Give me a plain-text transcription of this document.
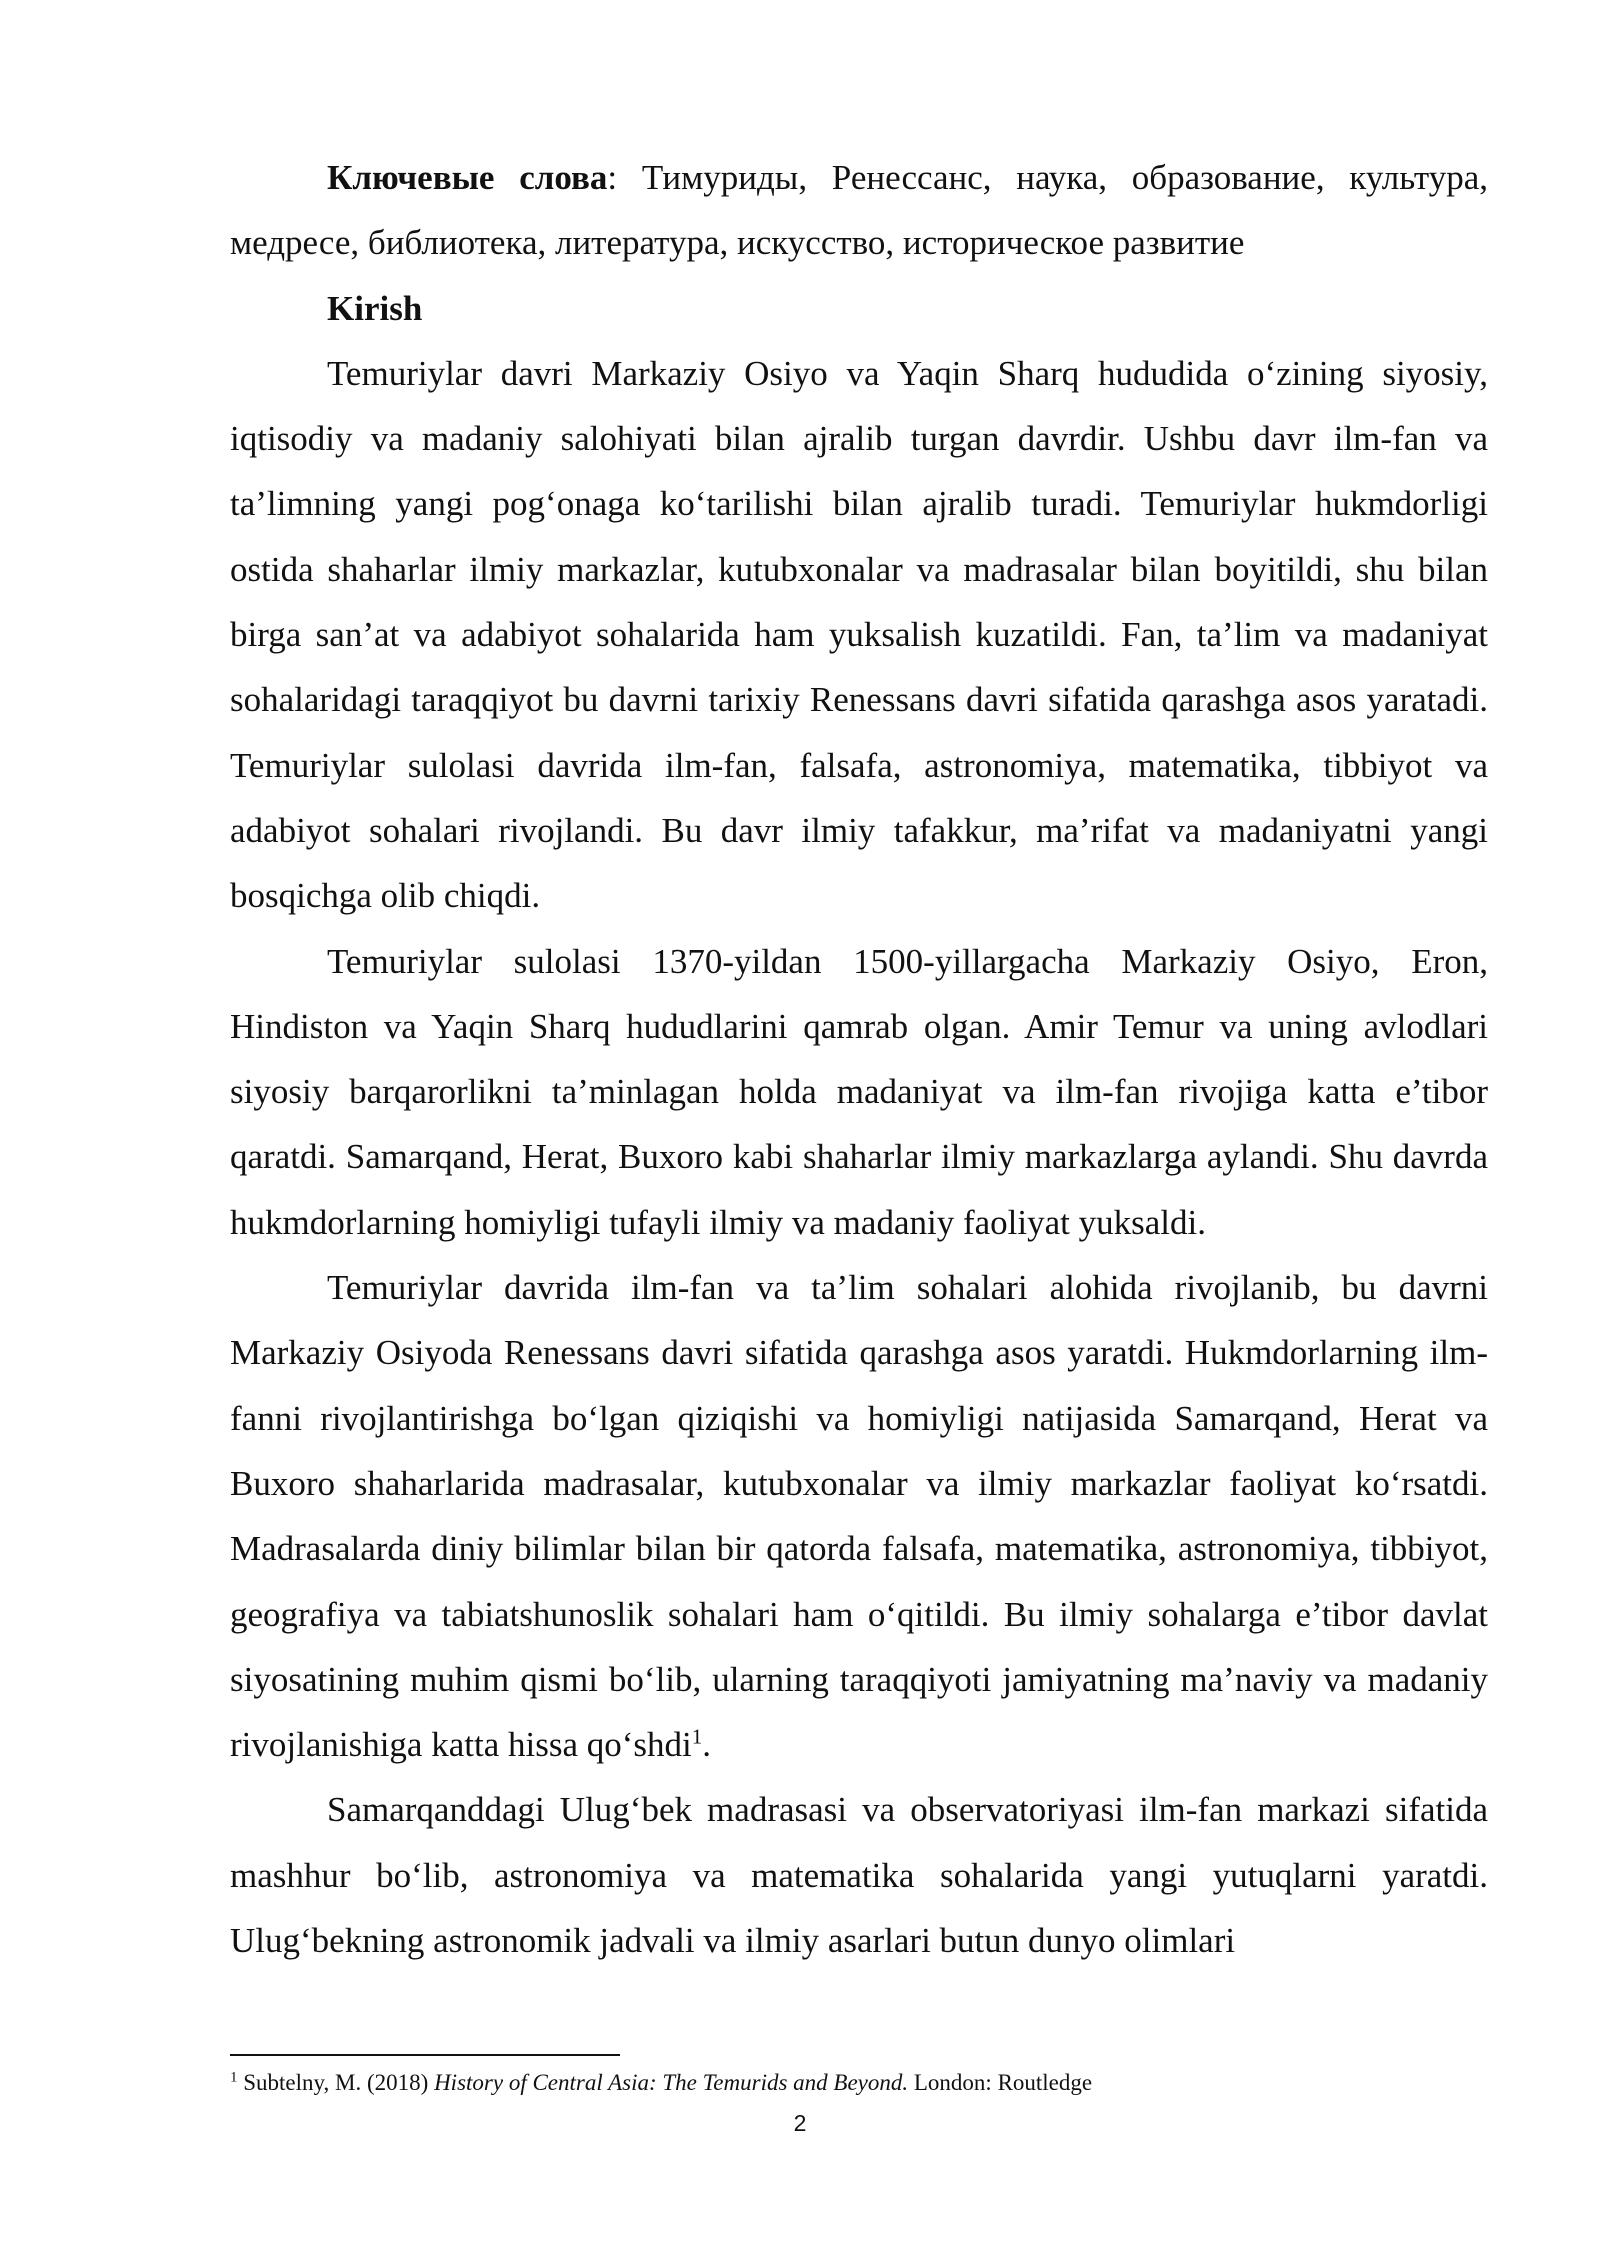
Ключевые слова: Тимуриды, Ренессанс, наука, образование, культура, медресе, библиотека, литература, искусство, историческое развитие

Kirish

Temuriylar davri Markaziy Osiyo va Yaqin Sharq hududida o‘zining siyosiy, iqtisodiy va madaniy salohiyati bilan ajralib turgan davrdir. Ushbu davr ilm-fan va ta’limning yangi pog‘onaga ko‘tarilishi bilan ajralib turadi. Temuriylar hukmdorligi ostida shaharlar ilmiy markazlar, kutubxonalar va madrasalar bilan boyitildi, shu bilan birga san’at va adabiyot sohalarida ham yuksalish kuzatildi. Fan, ta’lim va madaniyat sohalaridagi taraqqiyot bu davrni tarixiy Renessans davri sifatida qarashga asos yaratadi. Temuriylar sulolasi davrida ilm-fan, falsafa, astronomiya, matematika, tibbiyot va adabiyot sohalari rivojlandi. Bu davr ilmiy tafakkur, ma’rifat va madaniyatni yangi bosqichga olib chiqdi.

Temuriylar sulolasi 1370-yildan 1500-yillargacha Markaziy Osiyo, Eron, Hindiston va Yaqin Sharq hududlarini qamrab olgan. Amir Temur va uning avlodlari siyosiy barqarorlikni ta’minlagan holda madaniyat va ilm-fan rivojiga katta e’tibor qaratdi. Samarqand, Herat, Buxoro kabi shaharlar ilmiy markazlarga aylandi. Shu davrda hukmdorlarning homiyligi tufayli ilmiy va madaniy faoliyat yuksaldi.

Temuriylar davrida ilm-fan va ta’lim sohalari alohida rivojlanib, bu davrni Markaziy Osiyoda Renessans davri sifatida qarashga asos yaratdi. Hukmdorlarning ilm-fanni rivojlantirishga bo‘lgan qiziqishi va homiyligi natijasida Samarqand, Herat va Buxoro shaharlarida madrasalar, kutubxonalar va ilmiy markazlar faoliyat ko‘rsatdi. Madrasalarda diniy bilimlar bilan bir qatorda falsafa, matematika, astronomiya, tibbiyot, geografiya va tabiatshunoslik sohalari ham o‘qitildi. Bu ilmiy sohalarga e’tibor davlat siyosatining muhim qismi bo‘lib, ularning taraqqiyoti jamiyatning ma’naviy va madaniy rivojlanishiga katta hissa qo‘shdi$^1$.

Samarqanddagi Ulug‘bek madrasasi va observatoriyasi ilm-fan markazi sifatida mashhur bo‘lib, astronomiya va matematika sohalarida yangi yutuqlarni yaratdi. Ulug‘bekning astronomik jadvali va ilmiy asarlari butun dunyo olimlari

$^1$ Subtelny, M. (2018) History of Central Asia: The Temurids and Beyond. London: Routledge
2
